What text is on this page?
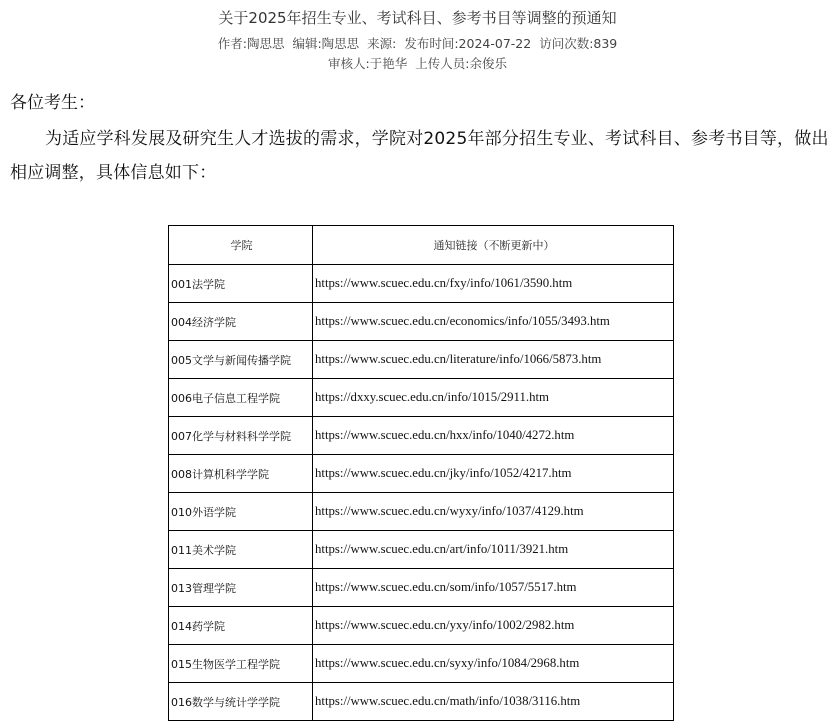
关于2025年招生专业、考试科目、参考书目等调整的预通知
作者:陶思思 编辑:陶思思 来源: 发布时间:2024-07-22 访问次数:839
审核人:于艳华 上传人员:余俊乐
各位考生：
为适应学科发展及研究生人才选拔的需求，学院对2025年部分招生专业、考试科目、参考书目等，做出相应调整，具体信息如下：
学院	通知链接（不断更新中）
001法学院	https://www.scuec.edu.cn/fxy/info/1061/3590.htm
004经济学院	https://www.scuec.edu.cn/economics/info/1055/3493.htm
005文学与新闻传播学院	https://www.scuec.edu.cn/literature/info/1066/5873.htm
006电子信息工程学院	https://dxxy.scuec.edu.cn/info/1015/2911.htm
007化学与材料科学学院	https://www.scuec.edu.cn/hxx/info/1040/4272.htm
008计算机科学学院	https://www.scuec.edu.cn/jky/info/1052/4217.htm
010外语学院	https://www.scuec.edu.cn/wyxy/info/1037/4129.htm
011美术学院	https://www.scuec.edu.cn/art/info/1011/3921.htm
013管理学院	https://www.scuec.edu.cn/som/info/1057/5517.htm
014药学院	https://www.scuec.edu.cn/yxy/info/1002/2982.htm
015生物医学工程学院	https://www.scuec.edu.cn/syxy/info/1084/2968.htm
016数学与统计学学院	https://www.scuec.edu.cn/math/info/1038/3116.htm
